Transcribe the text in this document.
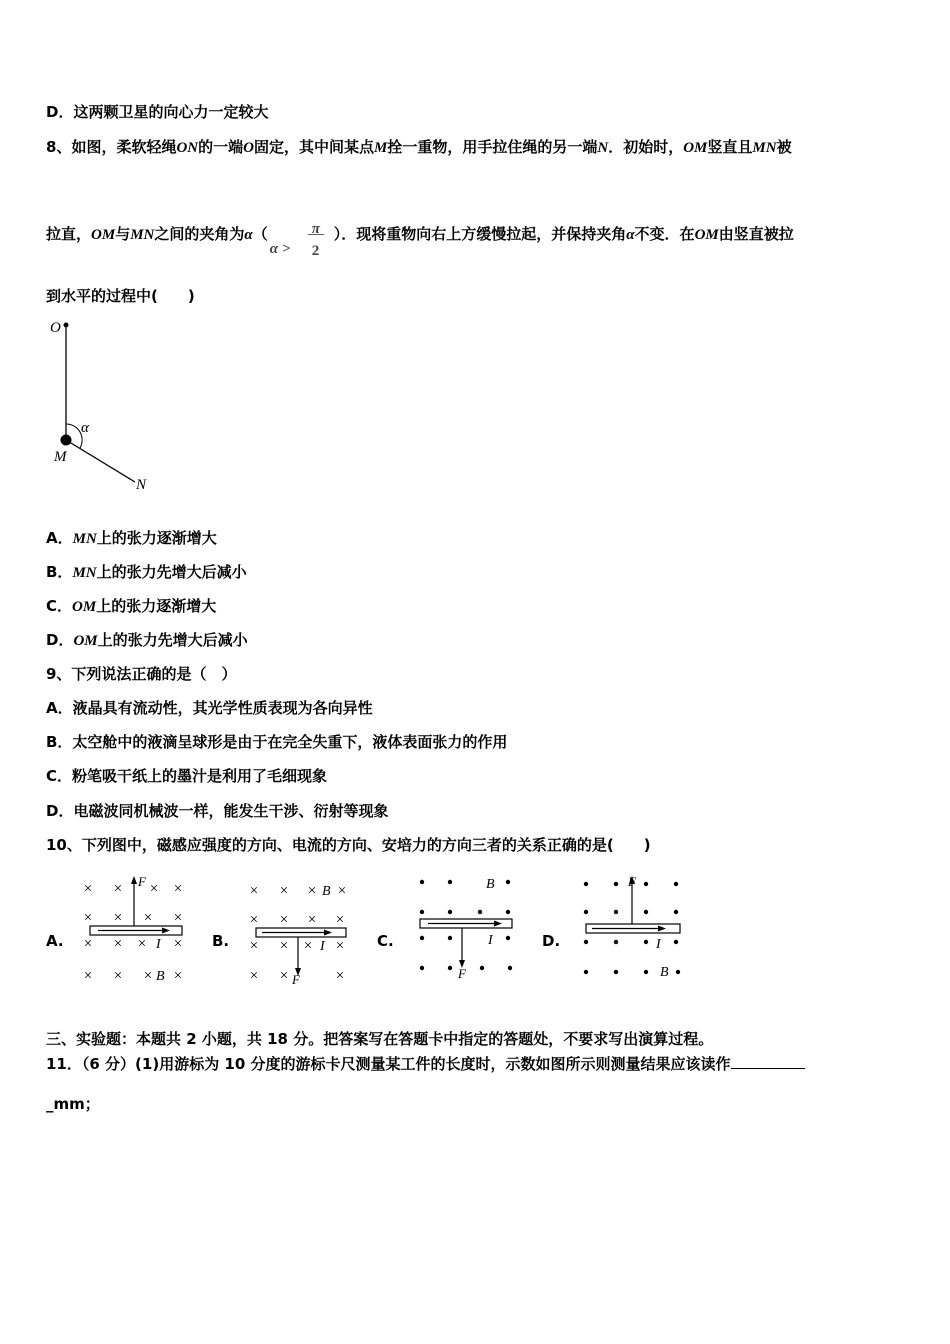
D．这两颗卫星的向心力一定较大
8、如图，柔软轻绳ON的一端O固定，其中间某点M拴一重物，用手拉住绳的另一端N．初始时，OM竖直且MN被
拉直，OM与MN之间的夹角为α（
α >
π
2
）．现将重物向右上方缓慢拉起，并保持夹角α不变．在OM由竖直被拉
到水平的过程中(　　)
O
M
N
α
A．MN上的张力逐渐增大
B．MN上的张力先增大后减小
C．OM上的张力逐渐增大
D．OM上的张力先增大后减小
9、下列说法正确的是（　）
A．液晶具有流动性，其光学性质表现为各向异性
B．太空舱中的液滴呈球形是由于在完全失重下，液体表面张力的作用
C．粉笔吸干纸上的墨汁是利用了毛细现象
D．电磁波同机械波一样，能发生干涉、衍射等现象
10、下列图中，磁感应强度的方向、电流的方向、安培力的方向三者的关系正确的是(　　)
A.	B.	C.	D.
× × × ×
× × × ×
× × × ×
× × × ×
F
I
B
× × × ×
× × × ×
× × × ×
× ×	×
B
I
F
B
I
F
F
I
B
三、实验题：本题共 2 小题，共 18 分。把答案写在答题卡中指定的答题处，不要求写出演算过程。
11．（6 分）(1)用游标为 10 分度的游标卡尺测量某工件的长度时，示数如图所示则测量结果应该读作
_mm；
